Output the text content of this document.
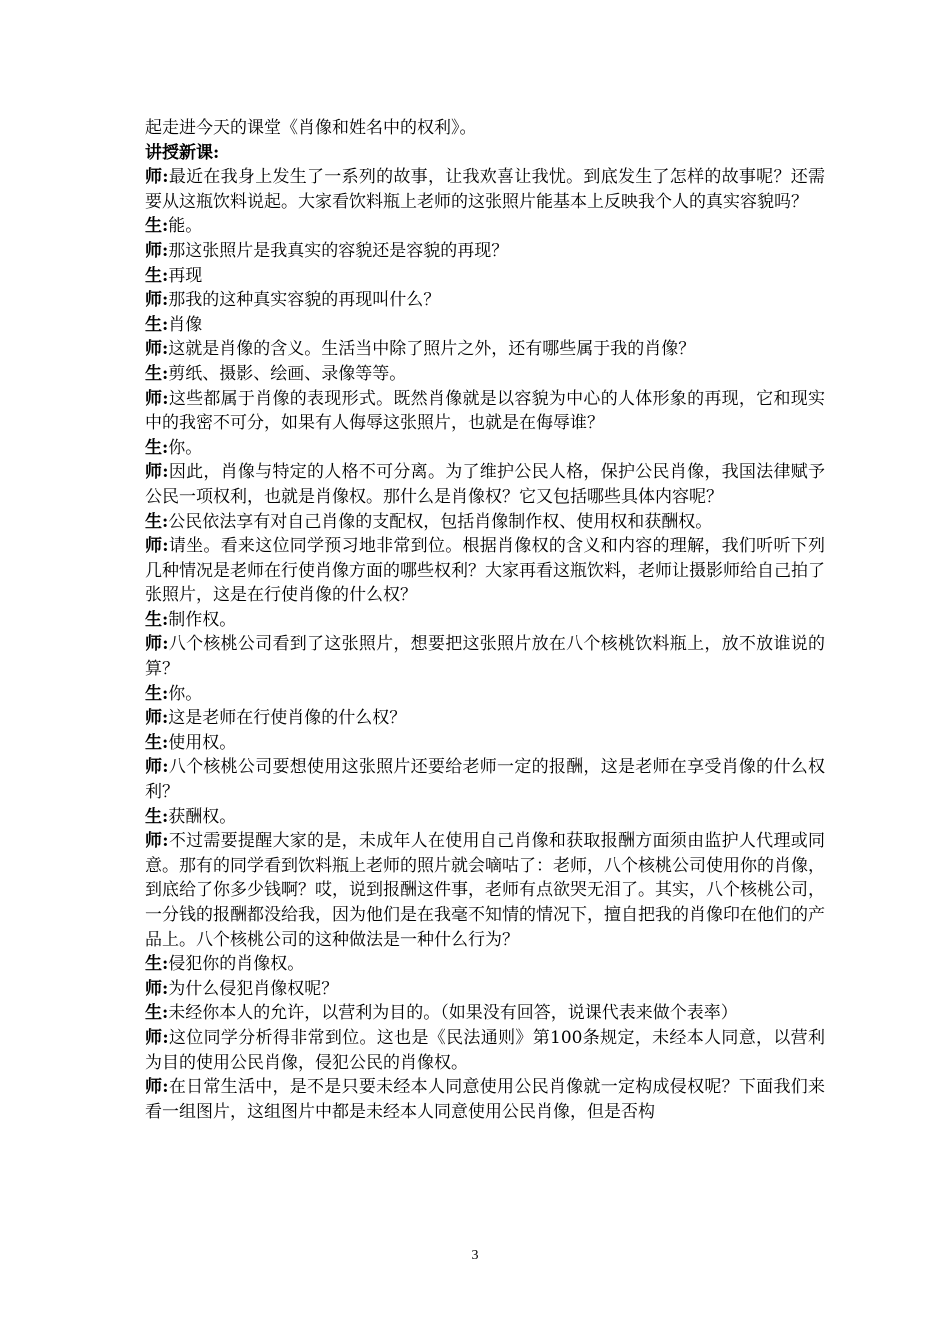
起走进今天的课堂《肖像和姓名中的权利》。

讲授新课:

师:最近在我身上发生了一系列的故事，让我欢喜让我忧。到底发生了怎样的故事呢？还需要从这瓶饮料说起。大家看饮料瓶上老师的这张照片能基本上反映我个人的真实容貌吗？

生:能。

师:那这张照片是我真实的容貌还是容貌的再现？

生:再现

师:那我的这种真实容貌的再现叫什么？

生:肖像

师:这就是肖像的含义。生活当中除了照片之外，还有哪些属于我的肖像？

生:剪纸、摄影、绘画、录像等等。

师:这些都属于肖像的表现形式。既然肖像就是以容貌为中心的人体形象的再现，它和现实中的我密不可分，如果有人侮辱这张照片，也就是在侮辱谁？

生:你。

师:因此，肖像与特定的人格不可分离。为了维护公民人格，保护公民肖像，我国法律赋予公民一项权利，也就是肖像权。那什么是肖像权？它又包括哪些具体内容呢？

生:公民依法享有对自己肖像的支配权，包括肖像制作权、使用权和获酬权。

师:请坐。看来这位同学预习地非常到位。根据肖像权的含义和内容的理解，我们听听下列几种情况是老师在行使肖像方面的哪些权利？大家再看这瓶饮料，老师让摄影师给自己拍了张照片，这是在行使肖像的什么权？

生:制作权。

师:八个核桃公司看到了这张照片，想要把这张照片放在八个核桃饮料瓶上，放不放谁说的算？

生:你。

师:这是老师在行使肖像的什么权？

生:使用权。

师:八个核桃公司要想使用这张照片还要给老师一定的报酬，这是老师在享受肖像的什么权利？

生:获酬权。

师:不过需要提醒大家的是，未成年人在使用自己肖像和获取报酬方面须由监护人代理或同意。那有的同学看到饮料瓶上老师的照片就会嘀咕了：老师，八个核桃公司使用你的肖像，到底给了你多少钱啊？哎，说到报酬这件事，老师有点欲哭无泪了。其实，八个核桃公司，一分钱的报酬都没给我，因为他们是在我毫不知情的情况下，擅自把我的肖像印在他们的产品上。八个核桃公司的这种做法是一种什么行为？

生:侵犯你的肖像权。

师:为什么侵犯肖像权呢？

生:未经你本人的允许，以营利为目的。（如果没有回答，说课代表来做个表率）

师:这位同学分析得非常到位。这也是《民法通则》第100条规定，未经本人同意，以营利为目的使用公民肖像，侵犯公民的肖像权。

师:在日常生活中，是不是只要未经本人同意使用公民肖像就一定构成侵权呢？下面我们来看一组图片，这组图片中都是未经本人同意使用公民肖像，但是否构

3
